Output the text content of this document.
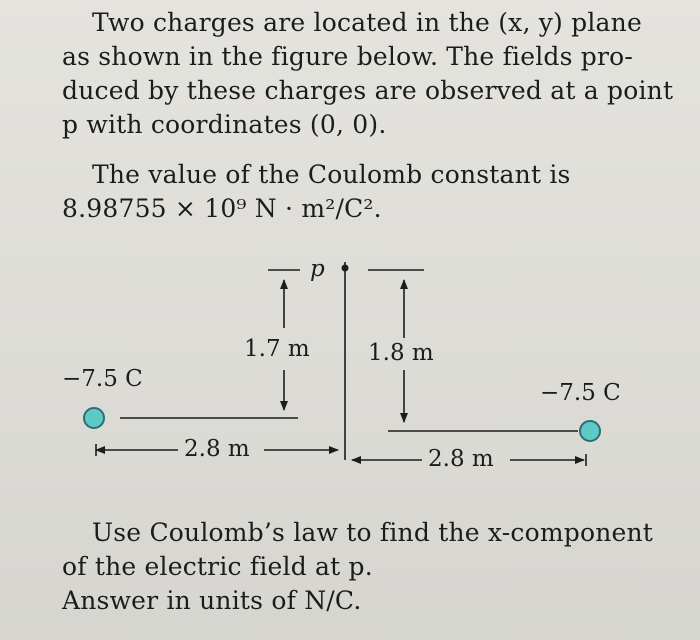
Two charges are located in the (x, y) plane
as shown in the figure below. The fields pro-
duced by these charges are observed at a point
p with coordinates (0, 0).
The value of the Coulomb constant is
8.98755 × 10⁹ N · m²/C².
p
1.7 m	1.8 m
−7.5 C
−7.5 C
2.8 m	2.8 m
Use Coulomb’s law to find the x-component
of the electric field at p.
Answer in units of N/C.
